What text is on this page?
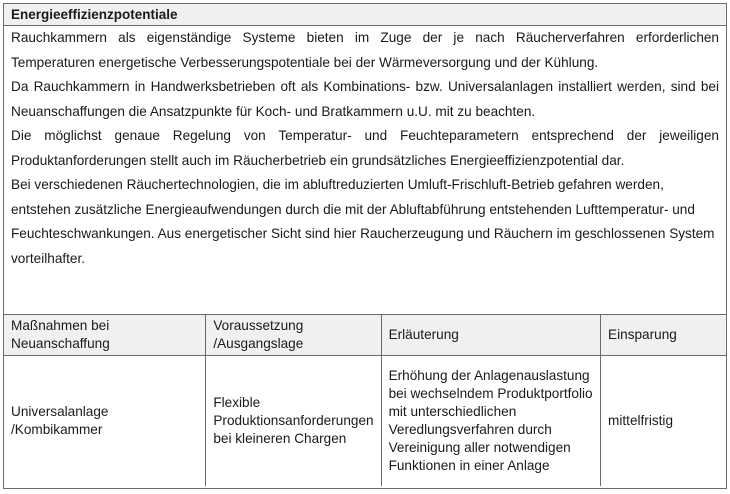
Energieeffizienzpotentiale

Rauchkammern als eigenständige Systeme bieten im Zuge der je nach Räucherverfahren erforderlichen Temperaturen energetische Verbesserungspotentiale bei der Wärmeversorgung und der Kühlung.

Da Rauchkammern in Handwerksbetrieben oft als Kombinations- bzw. Universalanlagen installiert werden, sind bei Neuanschaffungen die Ansatzpunkte für Koch- und Bratkammern u.U. mit zu beachten.

Die möglichst genaue Regelung von Temperatur- und Feuchteparametern entsprechend der jeweiligen Produktanforderungen stellt auch im Räucherbetrieb ein grundsätzliches Energieeffizienzpotential dar.

Bei verschiedenen Räuchertechnologien, die im abluftreduzierten Umluft-Frischluft-Betrieb gefahren werden, entstehen zusätzliche Energieaufwendungen durch die mit der Abluftabführung entstehenden Lufttemperatur- und Feuchteschwankungen. Aus energetischer Sicht sind hier Raucherzeugung und Räuchern im geschlossenen System vorteilhafter.

Maßnahmen bei Neuanschaffung	Voraussetzung /Ausgangslage	Erläuterung	Einsparung
Universalanlage /Kombikammer	Flexible Produktionsanforderungen bei kleineren Chargen	Erhöhung der Anlagenauslastung bei wechselndem Produktportfolio mit unterschiedlichen Veredlungsverfahren durch Vereinigung aller notwendigen Funktionen in einer Anlage	mittelfristig
